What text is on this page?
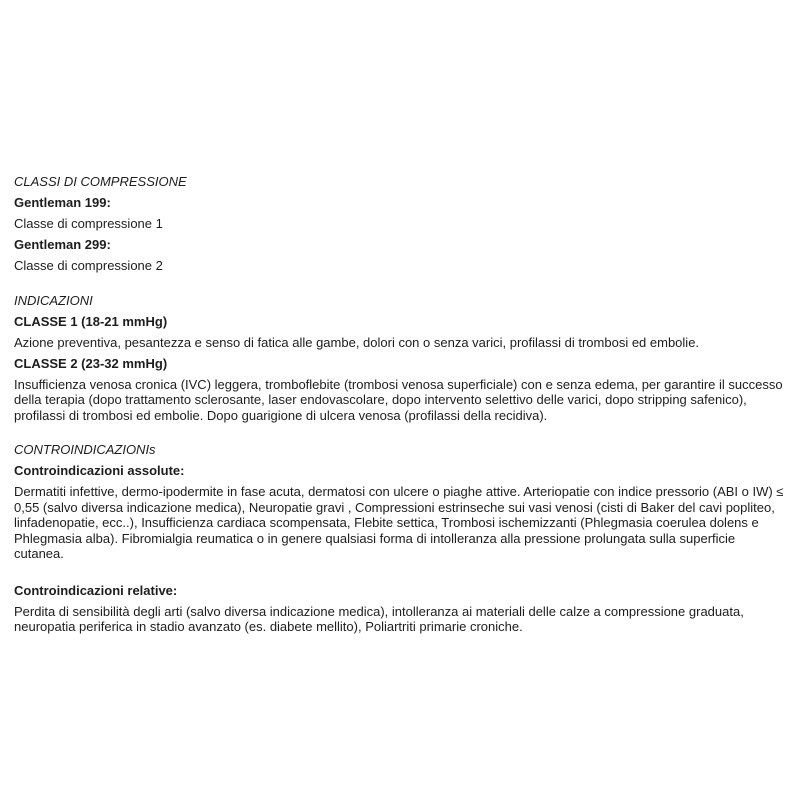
CLASSI DI COMPRESSIONE

Gentleman 199:

Classe di compressione 1

Gentleman 299:

Classe di compressione 2

INDICAZIONI

CLASSE 1 (18-21 mmHg)

Azione preventiva, pesantezza e senso di fatica alle gambe, dolori con o senza varici, profilassi di trombosi ed embolie.

CLASSE 2 (23-32 mmHg)

Insufficienza venosa cronica (IVC) leggera, tromboflebite (trombosi venosa superficiale) con e senza edema, per garantire il successo della terapia (dopo trattamento sclerosante, laser endovascolare, dopo intervento selettivo delle varici, dopo stripping safenico), profilassi di trombosi ed embolie. Dopo guarigione di ulcera venosa (profilassi della recidiva).

CONTROINDICAZIONIs

Controindicazioni assolute:

Dermatiti infettive, dermo-ipodermite in fase acuta, dermatosi con ulcere o piaghe attive. Arteriopatie con indice pressorio (ABI o IW) ≤ 0,55 (salvo diversa indicazione medica), Neuropatie gravi , Compressioni estrinseche sui vasi venosi (cisti di Baker del cavi popliteo, linfadenopatie, ecc..), Insufficienza cardiaca scompensata, Flebite settica, Trombosi ischemizzanti (Phlegmasia coerulea dolens e Phlegmasia alba). Fibromialgia reumatica o in genere qualsiasi forma di intolleranza alla pressione prolungata sulla superficie cutanea.

Controindicazioni relative:

Perdita di sensibilità degli arti (salvo diversa indicazione medica), intolleranza ai materiali delle calze a compressione graduata, neuropatia periferica in stadio avanzato (es. diabete mellito), Poliartriti primarie croniche.
